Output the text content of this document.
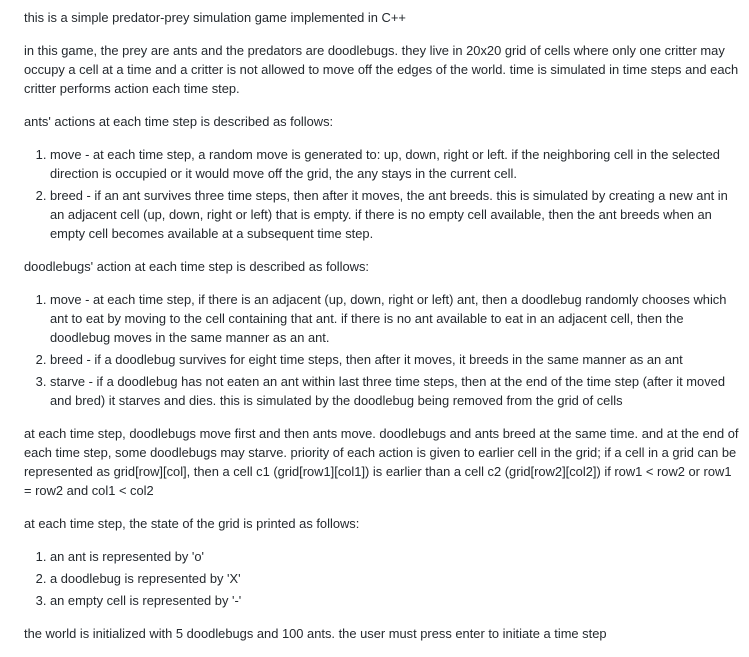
this is a simple predator-prey simulation game implemented in C++

in this game, the prey are ants and the predators are doodlebugs. they live in 20x20 grid of cells where only one critter may occupy a cell at a time and a critter is not allowed to move off the edges of the world. time is simulated in time steps and each critter performs action each time step.

ants' actions at each time step is described as follows:

1. move - at each time step, a random move is generated to: up, down, right or left. if the neighboring cell in the selected direction is occupied or it would move off the grid, the any stays in the current cell.
2. breed - if an ant survives three time steps, then after it moves, the ant breeds. this is simulated by creating a new ant in an adjacent cell (up, down, right or left) that is empty. if there is no empty cell available, then the ant breeds when an empty cell becomes available at a subsequent time step.

doodlebugs' action at each time step is described as follows:

1. move - at each time step, if there is an adjacent (up, down, right or left) ant, then a doodlebug randomly chooses which ant to eat by moving to the cell containing that ant. if there is no ant available to eat in an adjacent cell, then the doodlebug moves in the same manner as an ant.
2. breed - if a doodlebug survives for eight time steps, then after it moves, it breeds in the same manner as an ant
3. starve - if a doodlebug has not eaten an ant within last three time steps, then at the end of the time step (after it moved and bred) it starves and dies. this is simulated by the doodlebug being removed from the grid of cells

at each time step, doodlebugs move first and then ants move. doodlebugs and ants breed at the same time. and at the end of each time step, some doodlebugs may starve. priority of each action is given to earlier cell in the grid; if a cell in a grid can be represented as grid[row][col], then a cell c1 (grid[row1][col1]) is earlier than a cell c2 (grid[row2][col2]) if row1 < row2 or row1 = row2 and col1 < col2

at each time step, the state of the grid is printed as follows:

1. an ant is represented by 'o'
2. a doodlebug is represented by 'X'
3. an empty cell is represented by '-'

the world is initialized with 5 doodlebugs and 100 ants. the user must press enter to initiate a time step
